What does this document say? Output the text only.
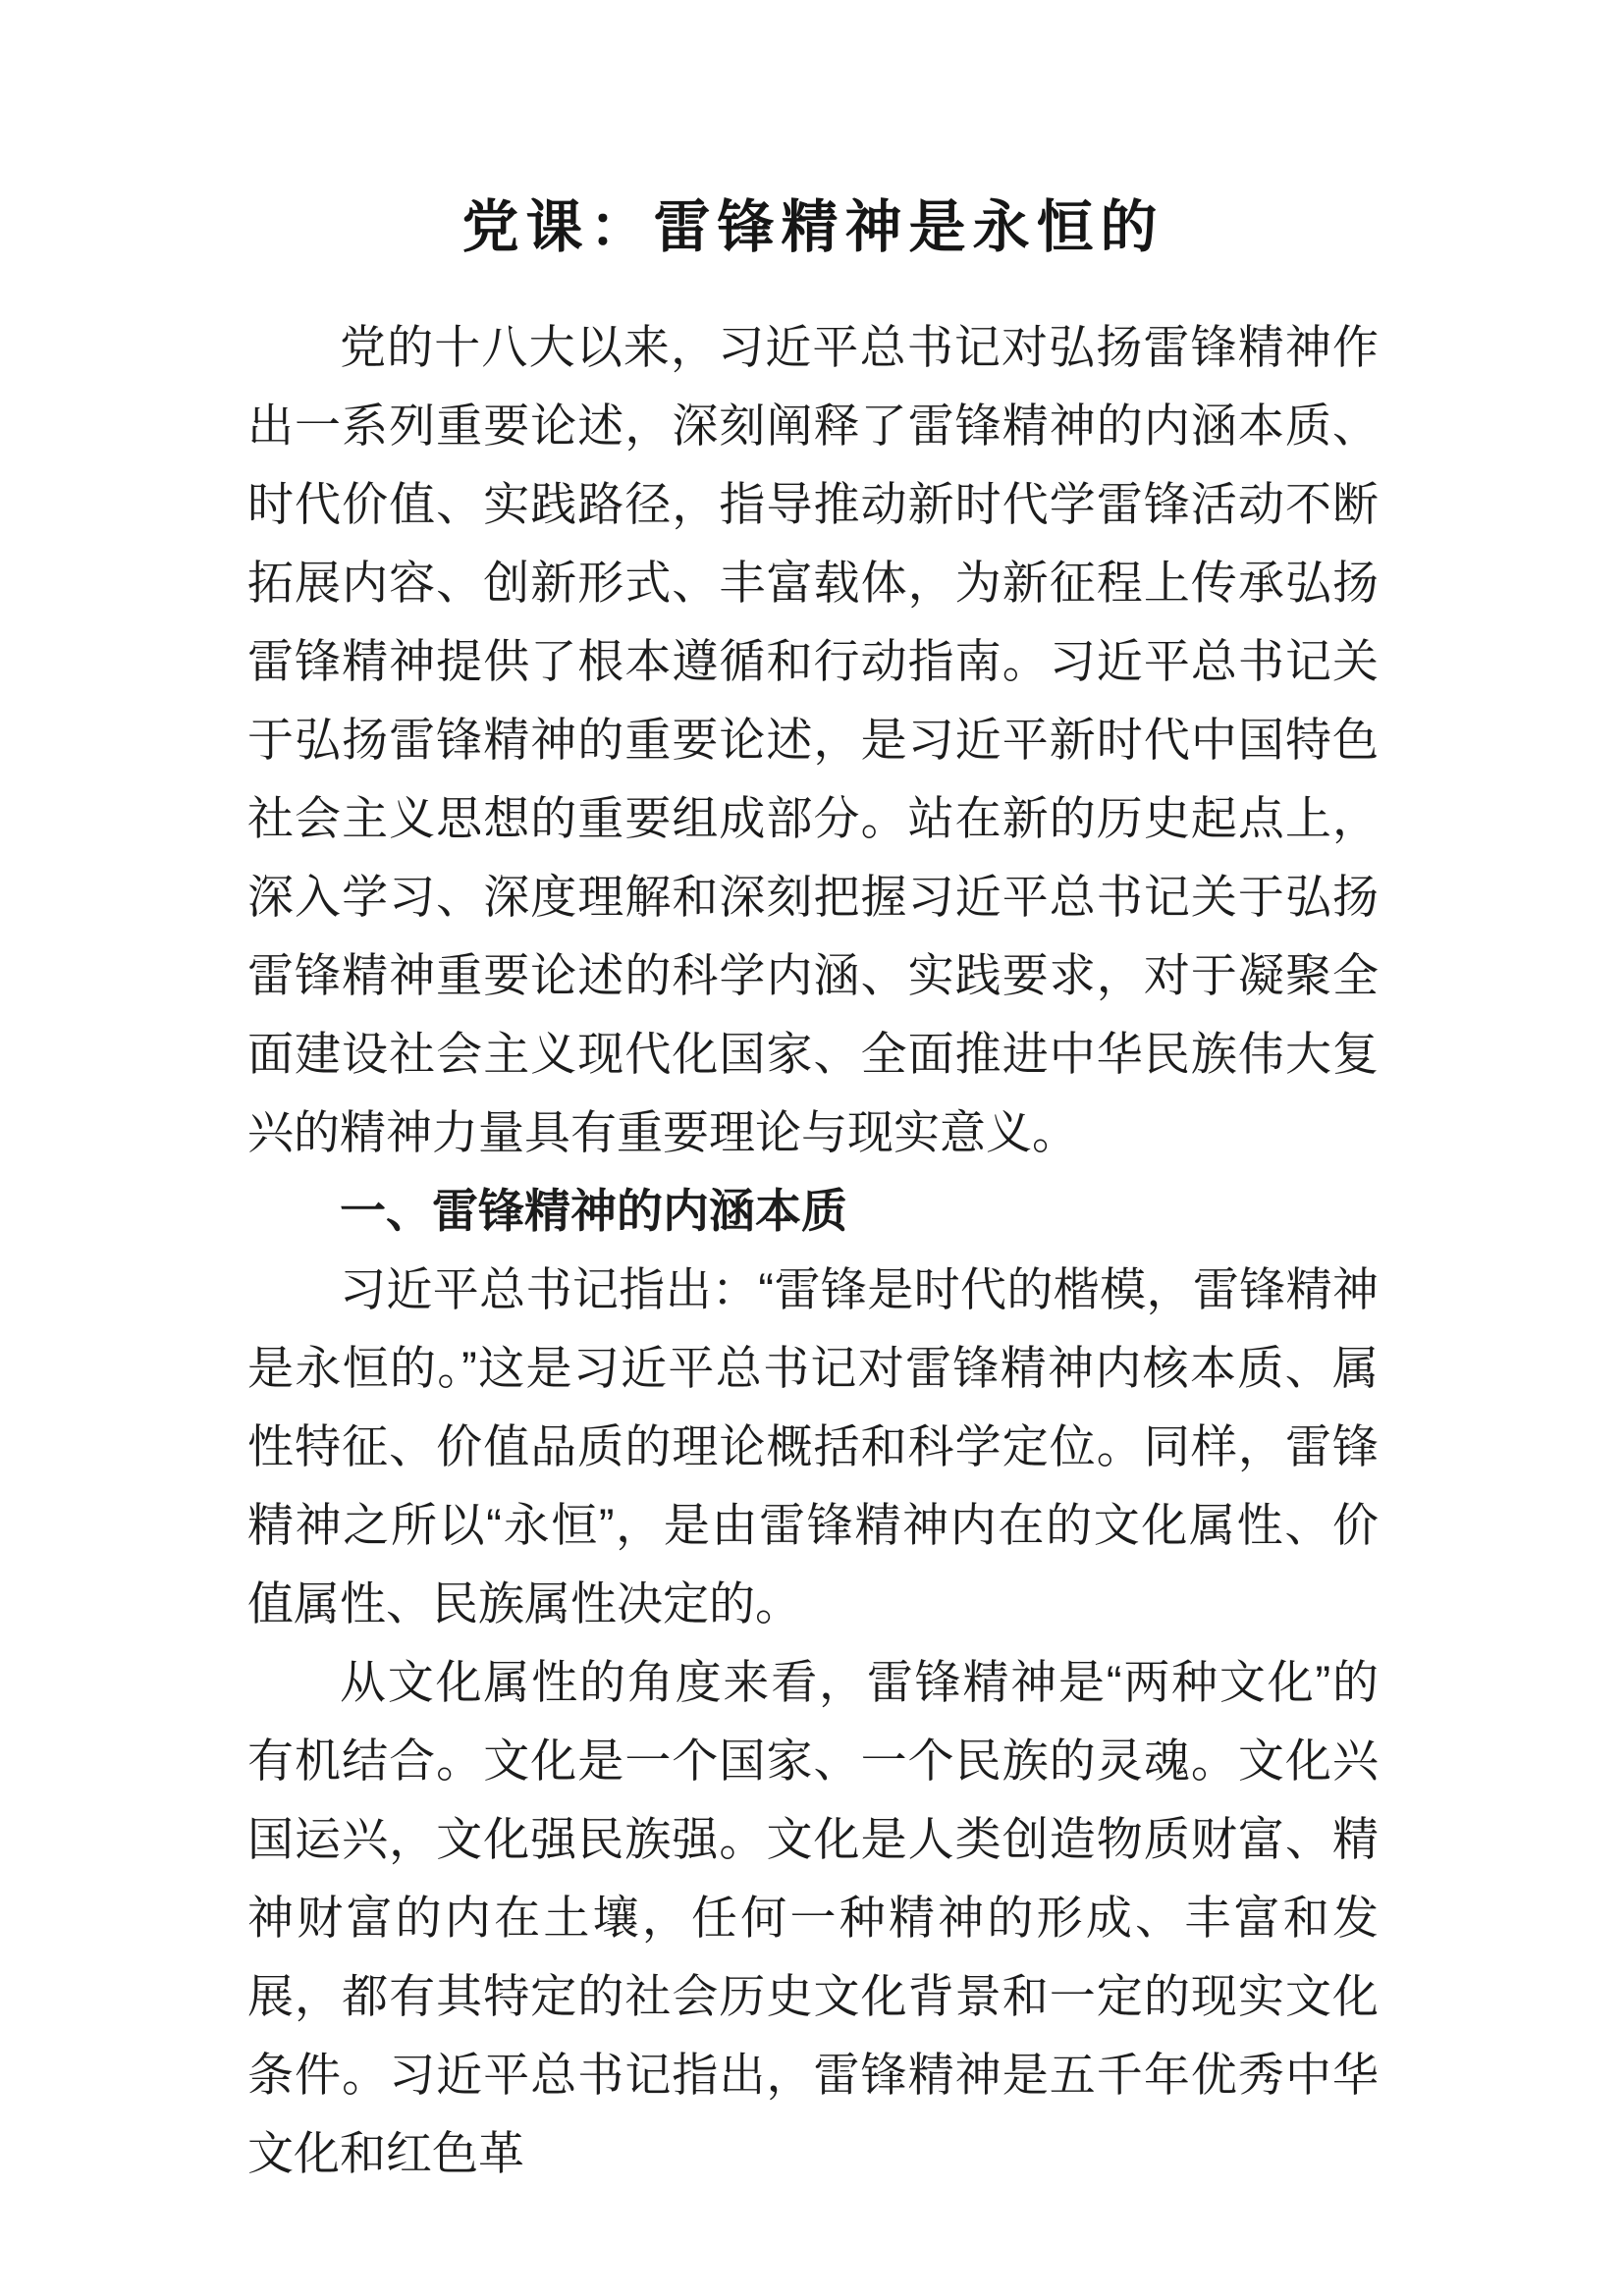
党课：雷锋精神是永恒的

党的十八大以来，习近平总书记对弘扬雷锋精神作出一系列重要论述，深刻阐释了雷锋精神的内涵本质、时代价值、实践路径，指导推动新时代学雷锋活动不断拓展内容、创新形式、丰富载体，为新征程上传承弘扬雷锋精神提供了根本遵循和行动指南。习近平总书记关于弘扬雷锋精神的重要论述，是习近平新时代中国特色社会主义思想的重要组成部分。站在新的历史起点上，深入学习、深度理解和深刻把握习近平总书记关于弘扬雷锋精神重要论述的科学内涵、实践要求，对于凝聚全面建设社会主义现代化国家、全面推进中华民族伟大复兴的精神力量具有重要理论与现实意义。

一、雷锋精神的内涵本质

习近平总书记指出：“雷锋是时代的楷模，雷锋精神是永恒的。”这是习近平总书记对雷锋精神内核本质、属性特征、价值品质的理论概括和科学定位。同样，雷锋精神之所以“永恒”，是由雷锋精神内在的文化属性、价值属性、民族属性决定的。

从文化属性的角度来看，雷锋精神是“两种文化”的有机结合。文化是一个国家、一个民族的灵魂。文化兴国运兴，文化强民族强。文化是人类创造物质财富、精神财富的内在土壤，任何一种精神的形成、丰富和发展，都有其特定的社会历史文化背景和一定的现实文化条件。习近平总书记指出，雷锋精神是五千年优秀中华文化和红色革
